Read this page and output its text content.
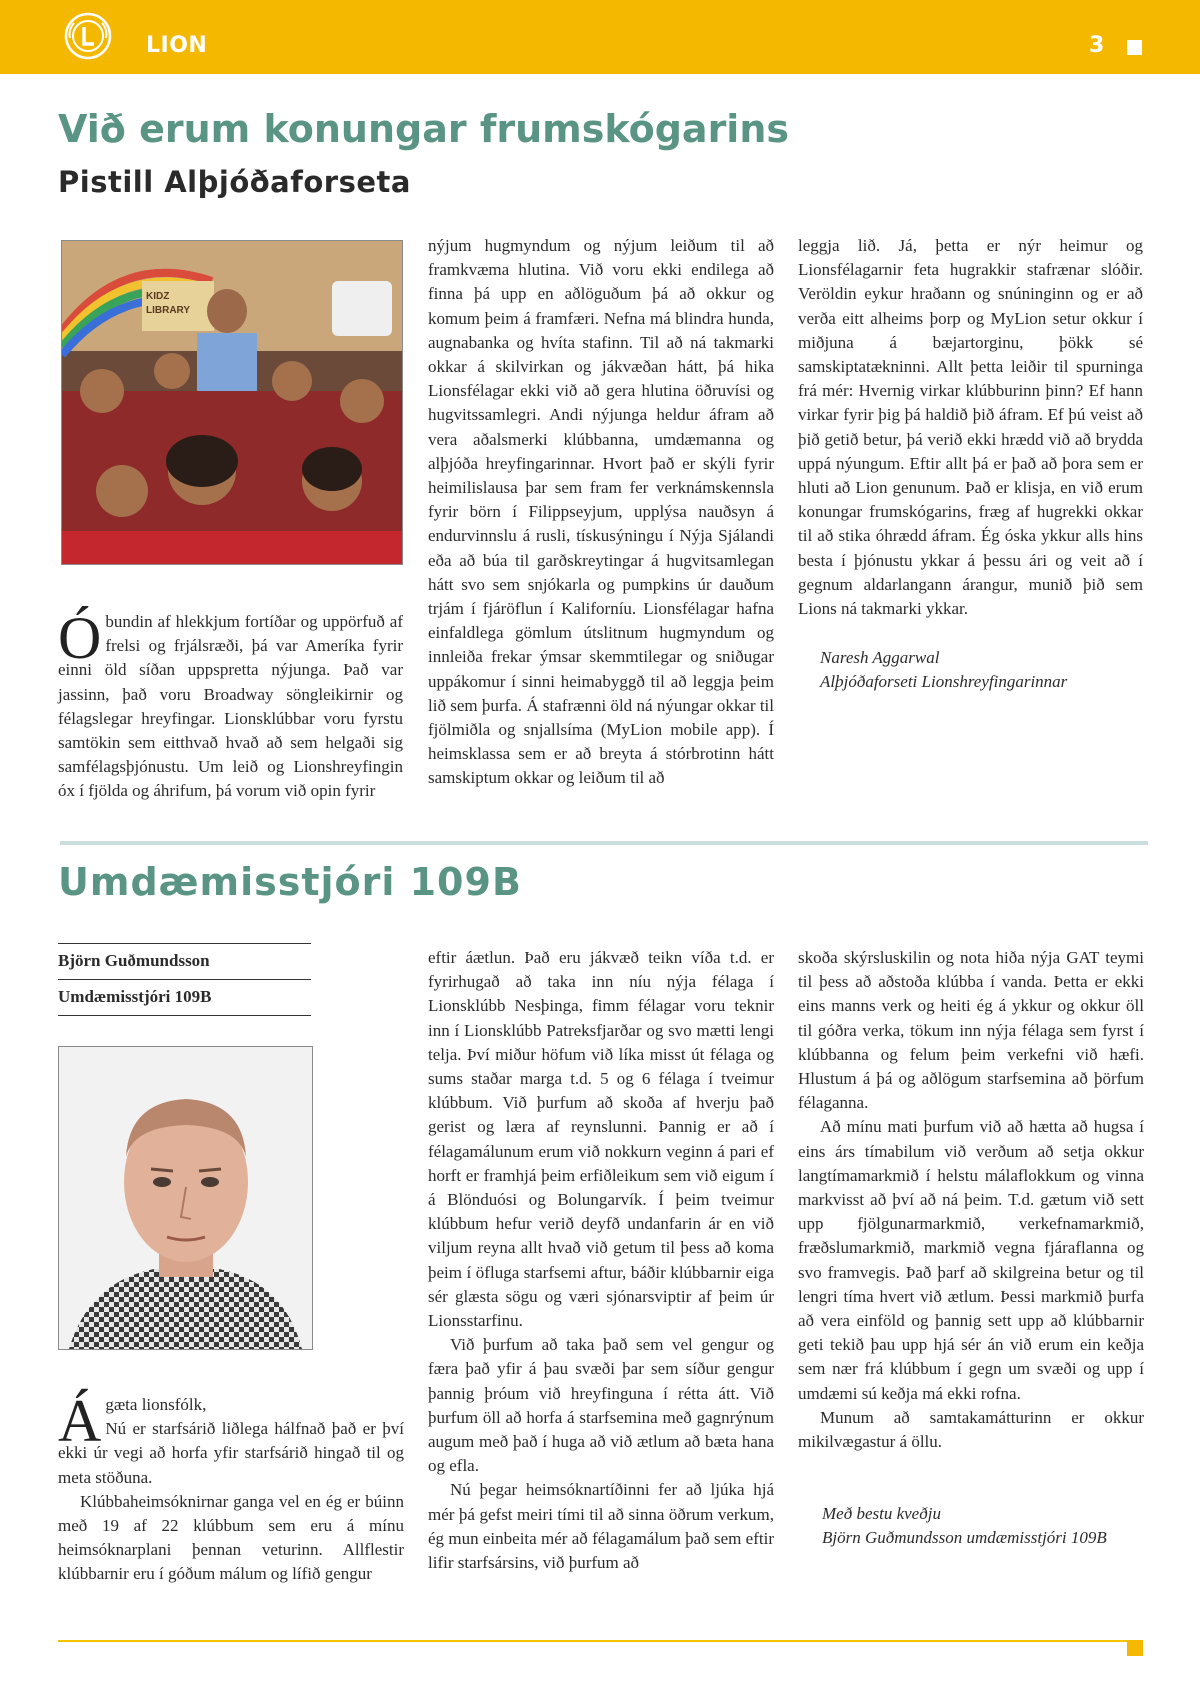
LION	3
Við erum konungar frumskógarins
Pistill Alþjóðaforseta
KIDZ
LIBRARY

Óbundin af hlekkjum fortíðar og uppörfuð af frelsi og frjálsræði, þá var Ameríka fyrir einni öld síðan uppspretta nýjunga. Það var jassinn, það voru Broadway söngleikirnir og félagslegar hreyfingar. Lionsklúbbar voru fyrstu samtökin sem eitthvað hvað að sem helgaði sig samfélagsþjónustu. Um leið og Lionshreyfingin óx í fjölda og áhrifum, þá vorum við opin fyrir

nýjum hugmyndum og nýjum leiðum til að framkvæma hlutina. Við voru ekki endilega að finna þá upp en aðlöguðum þá að okkur og komum þeim á framfæri. Nefna má blindra hunda, augnabanka og hvíta stafinn. Til að ná takmarki okkar á skilvirkan og jákvæðan hátt, þá hika Lionsfélagar ekki við að gera hlutina öðruvísi og hugvitssamlegri. Andi nýjunga heldur áfram að vera aðalsmerki klúbbanna, umdæmanna og alþjóða hreyfingarinnar. Hvort það er skýli fyrir heimilislausa þar sem fram fer verknámskennsla fyrir börn í Filippseyjum, upplýsa nauðsyn á endurvinnslu á rusli, tískusýningu í Nýja Sjálandi eða að búa til garðskreytingar á hugvitsamlegan hátt svo sem snjókarla og pumpkins úr dauðum trjám í fjáröflun í Kaliforníu. Lionsfélagar hafna einfaldlega gömlum útslitnum hugmyndum og innleiða frekar ýmsar skemmtilegar og sniðugar uppákomur í sinni heimabyggð til að leggja þeim lið sem þurfa. Á stafrænni öld ná nýungar okkar til fjölmiðla og snjallsíma (MyLion mobile app). Í heimsklassa sem er að breyta á stórbrotinn hátt samskiptum okkar og leiðum til að

leggja lið. Já, þetta er nýr heimur og Lionsfélagarnir feta hugrakkir stafrænar slóðir. Veröldin eykur hraðann og snúninginn og er að verða eitt alheims þorp og MyLion setur okkur í miðjuna á bæjartorginu, þökk sé samskiptatækninni. Allt þetta leiðir til spurninga frá mér: Hvernig virkar klúbburinn þinn? Ef hann virkar fyrir þig þá haldið þið áfram. Ef þú veist að þið getið betur, þá verið ekki hrædd við að brydda uppá nýungum. Eftir allt þá er það að þora sem er hluti að Lion genunum. Það er klisja, en við erum konungar frumskógarins, fræg af hugrekki okkar til að stika óhrædd áfram. Ég óska ykkur alls hins besta í þjónustu ykkar á þessu ári og veit að í gegnum aldarlangann árangur, munið þið sem Lions ná takmarki ykkar.

Naresh Aggarwal

Alþjóðaforseti Lionshreyfingarinnar

Umdæmisstjóri 109B
Björn Guðmundsson
Umdæmisstjóri 109B

Ágæta lionsfólk,
Nú er starfsárið liðlega hálfnað það er því ekki úr vegi að horfa yfir starfsárið hingað til og meta stöðuna.

Klúbbaheimsóknirnar ganga vel en ég er búinn með 19 af 22 klúbbum sem eru á mínu heimsóknarplani þennan veturinn. Allflestir klúbbarnir eru í góðum málum og lífið gengur

eftir áætlun. Það eru jákvæð teikn víða t.d. er fyrirhugað að taka inn níu nýja félaga í Lionsklúbb Nesþinga, fimm félagar voru teknir inn í Lionsklúbb Patreksfjarðar og svo mætti lengi telja. Því miður höfum við líka misst út félaga og sums staðar marga t.d. 5 og 6 félaga í tveimur klúbbum. Við þurfum að skoða af hverju það gerist og læra af reynslunni. Þannig er að í félagamálunum erum við nokkurn veginn á pari ef horft er framhjá þeim erfiðleikum sem við eigum í á Blönduósi og Bolungarvík. Í þeim tveimur klúbbum hefur verið deyfð undanfarin ár en við viljum reyna allt hvað við getum til þess að koma þeim í öfluga starfsemi aftur, báðir klúbbarnir eiga sér glæsta sögu og væri sjónarsviptir af þeim úr Lionsstarfinu.

Við þurfum að taka það sem vel gengur og færa það yfir á þau svæði þar sem síður gengur þannig þróum við hreyfinguna í rétta átt. Við þurfum öll að horfa á starfsemina með gagnrýnum augum með það í huga að við ætlum að bæta hana og efla.

Nú þegar heimsóknartíðinni fer að ljúka hjá mér þá gefst meiri tími til að sinna öðrum verkum, ég mun einbeita mér að félagamálum það sem eftir lifir starfsársins, við þurfum að

skoða skýrsluskilin og nota hiða nýja GAT teymi til þess að aðstoða klúbba í vanda. Þetta er ekki eins manns verk og heiti ég á ykkur og okkur öll til góðra verka, tökum inn nýja félaga sem fyrst í klúbbanna og felum þeim verkefni við hæfi. Hlustum á þá og aðlögum starfsemina að þörfum félaganna.

Að mínu mati þurfum við að hætta að hugsa í eins árs tímabilum við verðum að setja okkur langtímamarkmið í helstu málaflokkum og vinna markvisst að því að ná þeim. T.d. gætum við sett upp fjölgunarmarkmið, verkefnamarkmið, fræðslumarkmið, markmið vegna fjáraflanna og svo framvegis. Það þarf að skilgreina betur og til lengri tíma hvert við ætlum. Þessi markmið þurfa að vera einföld og þannig sett upp að klúbbarnir geti tekið þau upp hjá sér án við erum ein keðja sem nær frá klúbbum í gegn um svæði og upp í umdæmi sú keðja má ekki rofna.

Munum að samtakamátturinn er okkur mikilvægastur á öllu.

Með bestu kveðju

Björn Guðmundsson umdæmisstjóri 109B
